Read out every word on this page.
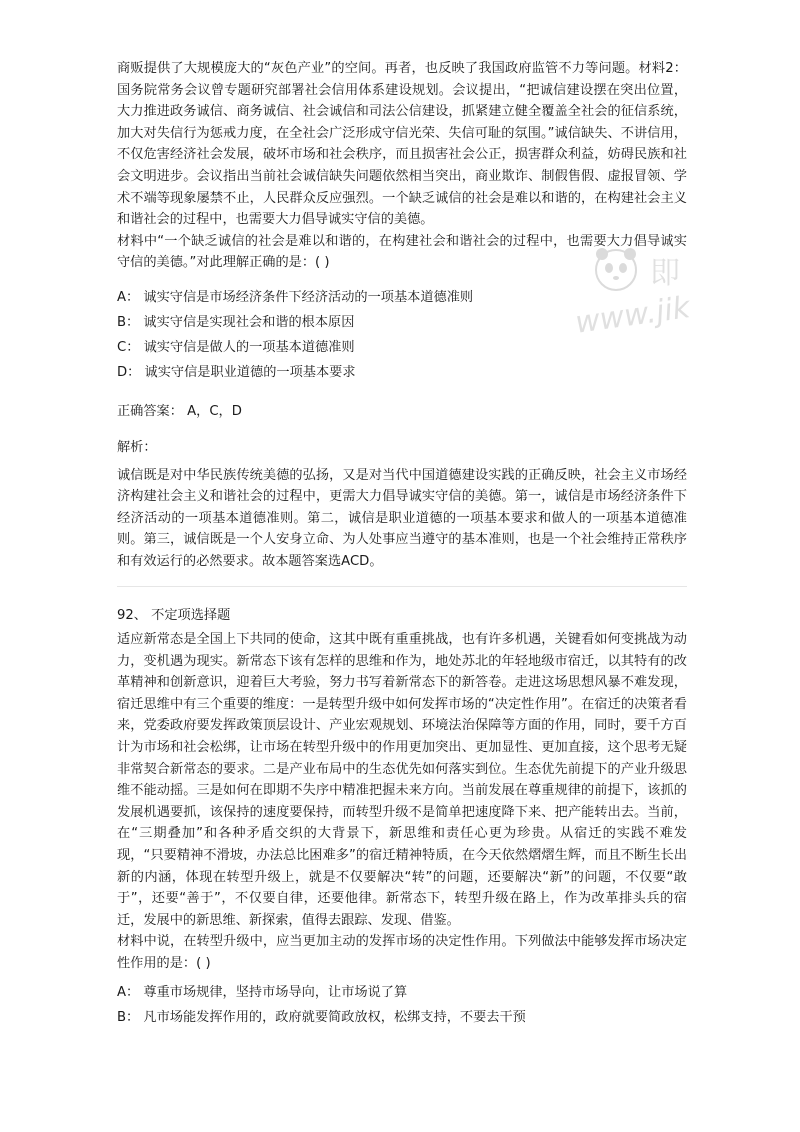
即
www.jik

商贩提供了大规模庞大的“灰色产业”的空间。再者，也反映了我国政府监管不力等问题。材料2：国务院常务会议曾专题研究部署社会信用体系建设规划。会议提出，“把诚信建设摆在突出位置，大力推进政务诚信、商务诚信、社会诚信和司法公信建设，抓紧建立健全覆盖全社会的征信系统，加大对失信行为惩戒力度，在全社会广泛形成守信光荣、失信可耻的氛围。”诚信缺失、不讲信用，不仅危害经济社会发展，破坏市场和社会秩序，而且损害社会公正，损害群众利益，妨碍民族和社会文明进步。会议指出当前社会诚信缺失问题依然相当突出，商业欺诈、制假售假、虚报冒领、学术不端等现象屡禁不止，人民群众反应强烈。一个缺乏诚信的社会是难以和谐的，在构建社会主义和谐社会的过程中，也需要大力倡导诚实守信的美德。

材料中“一个缺乏诚信的社会是难以和谐的，在构建社会和谐社会的过程中，也需要大力倡导诚实守信的美德。”对此理解正确的是：( )

A： 诚实守信是市场经济条件下经济活动的一项基本道德准则

B： 诚实守信是实现社会和谐的根本原因

C： 诚实守信是做人的一项基本道德准则

D： 诚实守信是职业道德的一项基本要求

正确答案： A，C，D

解析：

诚信既是对中华民族传统美德的弘扬，又是对当代中国道德建设实践的正确反映，社会主义市场经济构建社会主义和谐社会的过程中，更需大力倡导诚实守信的美德。第一，诚信是市场经济条件下经济活动的一项基本道德准则。第二，诚信是职业道德的一项基本要求和做人的一项基本道德准则。第三，诚信既是一个人安身立命、为人处事应当遵守的基本准则，也是一个社会维持正常秩序和有效运行的必然要求。故本题答案选ACD。

92、 不定项选择题

适应新常态是全国上下共同的使命，这其中既有重重挑战，也有许多机遇，关键看如何变挑战为动力，变机遇为现实。新常态下该有怎样的思维和作为，地处苏北的年轻地级市宿迁，以其特有的改革精神和创新意识，迎着巨大考验，努力书写着新常态下的新答卷。走进这场思想风暴不难发现，宿迁思维中有三个重要的维度：一是转型升级中如何发挥市场的“决定性作用”。在宿迁的决策者看来，党委政府要发挥政策顶层设计、产业宏观规划、环境法治保障等方面的作用，同时，要千方百计为市场和社会松绑，让市场在转型升级中的作用更加突出、更加显性、更加直接，这个思考无疑非常契合新常态的要求。二是产业布局中的生态优先如何落实到位。生态优先前提下的产业升级思维不能动摇。三是如何在即期不失序中精准把握未来方向。当前发展在尊重规律的前提下，该抓的发展机遇要抓，该保持的速度要保持，而转型升级不是简单把速度降下来、把产能转出去。当前，在“三期叠加”和各种矛盾交织的大背景下，新思维和责任心更为珍贵。从宿迁的实践不难发现，“只要精神不滑坡，办法总比困难多”的宿迁精神特质，在今天依然熠熠生辉，而且不断生长出新的内涵，体现在转型升级上，就是不仅要解决“转”的问题，还要解决“新”的问题，不仅要“敢于”，还要“善于”，不仅要自律，还要他律。新常态下，转型升级在路上，作为改革排头兵的宿迁，发展中的新思维、新探索，值得去跟踪、发现、借鉴。

材料中说，在转型升级中，应当更加主动的发挥市场的决定性作用。下列做法中能够发挥市场决定性作用的是：( )

A： 尊重市场规律，坚持市场导向，让市场说了算

B： 凡市场能发挥作用的，政府就要简政放权，松绑支持，不要去干预
